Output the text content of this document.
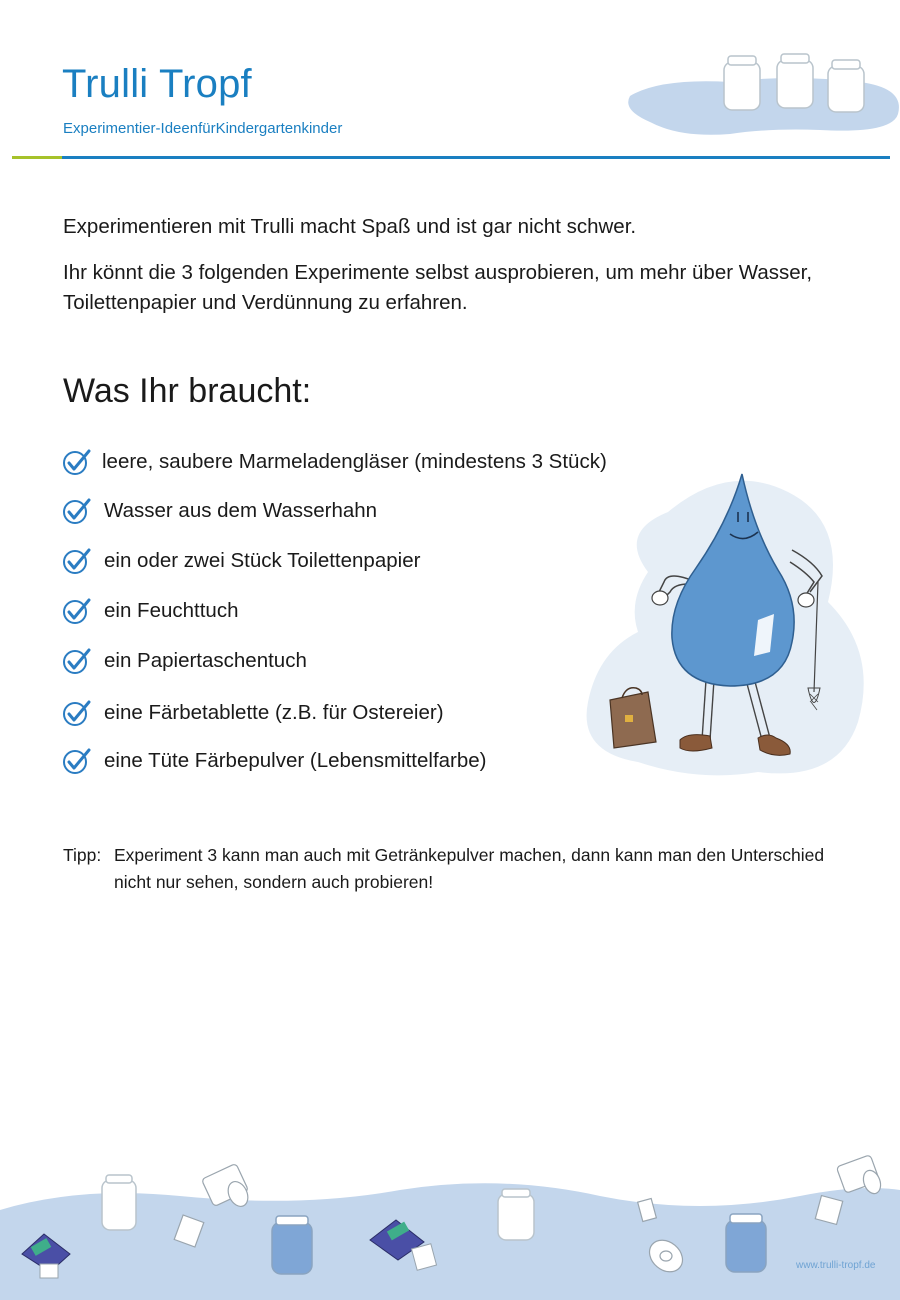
Trulli Tropf
Experimentier-IdeenfürKindergartenkinder

Experimentieren mit Trulli macht Spaß und ist gar nicht schwer.

Ihr könnt die 3 folgenden Experimente selbst ausprobieren, um mehr über Wasser, Toilettenpapier und Verdünnung zu erfahren.

Was Ihr braucht:
leere, saubere Marmeladengläser (mindestens 3 Stück)
Wasser aus dem Wasserhahn
ein oder zwei Stück Toilettenpapier
ein Feuchttuch
ein Papiertaschentuch
eine Färbetablette (z.B. für Ostereier)
eine Tüte Färbepulver (Lebensmittelfarbe)
Tipp: Experiment 3 kann man auch mit Getränkepulver machen, dann kann man den Unterschied nicht nur sehen, sondern auch probieren!
www.trulli-tropf.de
